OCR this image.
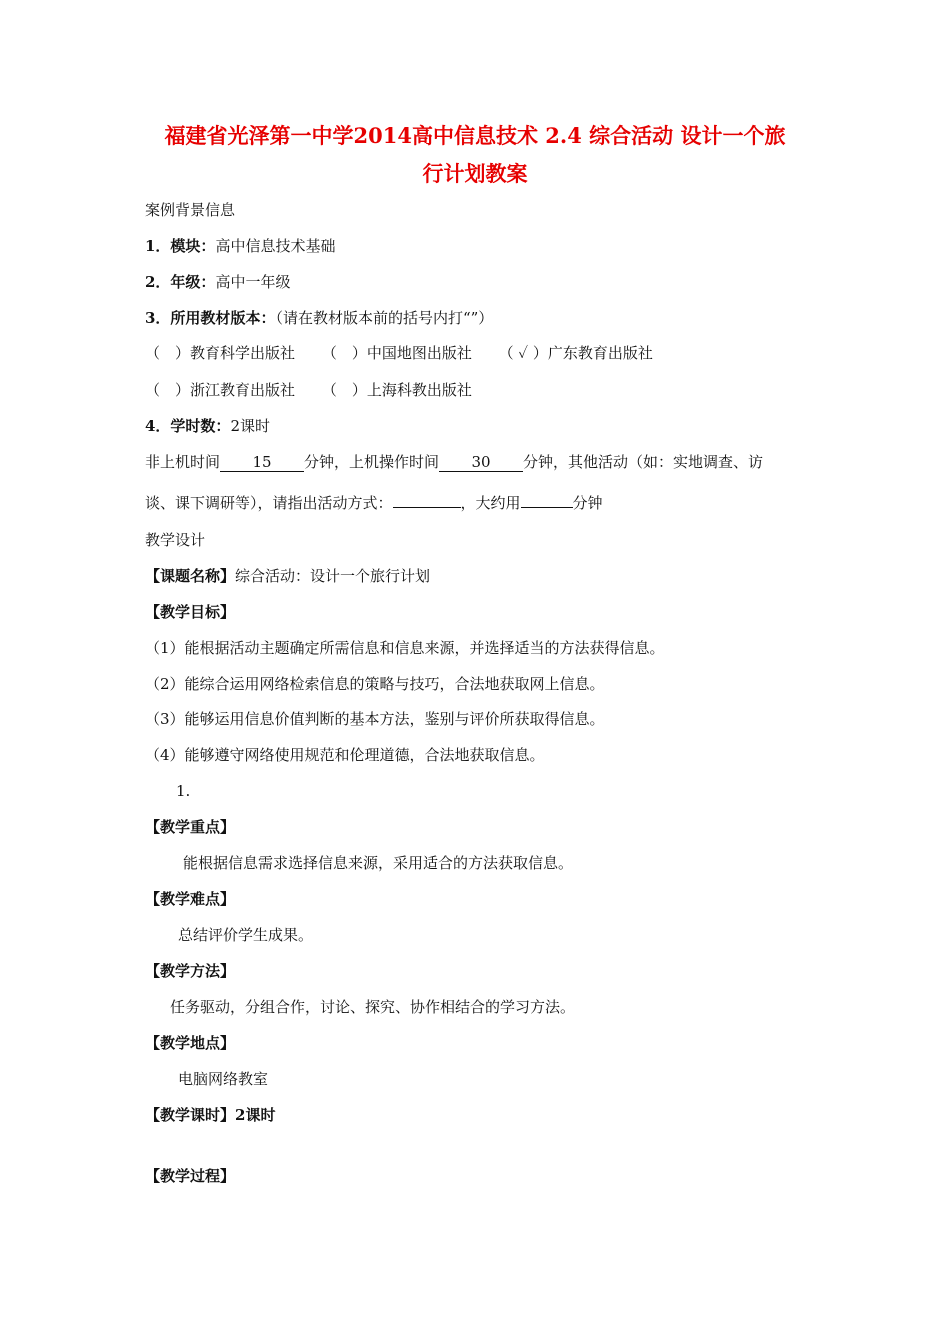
福建省光泽第一中学2014高中信息技术 2.4 综合活动 设计一个旅
行计划教案
案例背景信息
1．模块：高中信息技术基础
2．年级：高中一年级
3．所用教材版本：（请在教材版本前的括号内打“”）
（　）教育科学出版社 （　）中国地图出版社 （ ✓ ）广东教育出版社
（　）浙江教育出版社 （　）上海科教出版社
4．学时数：2课时
非上机时间 15 分钟，上机操作时间 30 分钟，其他活动（如：实地调查、访
谈、课下调研等），请指出活动方式：	，大约用	分钟
教学设计
【课题名称】综合活动：设计一个旅行计划
【教学目标】
（1）能根据活动主题确定所需信息和信息来源，并选择适当的方法获得信息。
（2）能综合运用网络检索信息的策略与技巧，合法地获取网上信息。
（3）能够运用信息价值判断的基本方法，鉴别与评价所获取得信息。
（4）能够遵守网络使用规范和伦理道德，合法地获取信息。
1.
【教学重点】
能根据信息需求选择信息来源，采用适合的方法获取信息。
【教学难点】
总结评价学生成果。
【教学方法】
任务驱动，分组合作，讨论、探究、协作相结合的学习方法。
【教学地点】
电脑网络教室
【教学课时】2课时
【教学过程】
